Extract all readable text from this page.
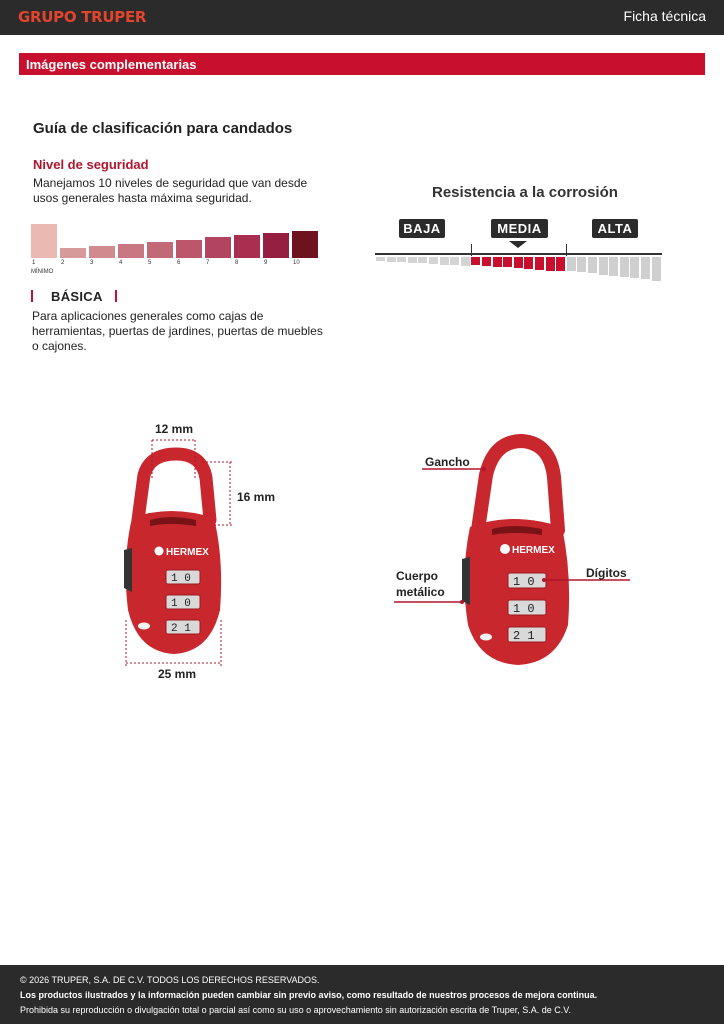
GRUPO TRUPER	Ficha técnica
Imágenes complementarias
Guía de clasificación para candados
Nivel de seguridad
Manejamos 10 niveles de seguridad que van desde usos generales hasta máxima seguridad.
MÍNIMO
1	2	3	4	5	6	7	8	9	10
BÁSICA
Para aplicaciones generales como cajas de herramientas, puertas de jardines, puertas de muebles o cajones.
Resistencia a la corrosión
BAJA	MEDIA	ALTA
HERMEX
1 0
1 0
2 1
12 mm
16 mm
25 mm
HERMEX
1 0
1 0
2 1
Gancho
Cuerpo metálico
Dígitos

© 2026 TRUPER, S.A. DE C.V. TODOS LOS DERECHOS RESERVADOS.

Los productos ilustrados y la información pueden cambiar sin previo aviso, como resultado de nuestros procesos de mejora continua.

Prohibida su reproducción o divulgación total o parcial así como su uso o aprovechamiento sin autorización escrita de Truper, S.A. de C.V.
